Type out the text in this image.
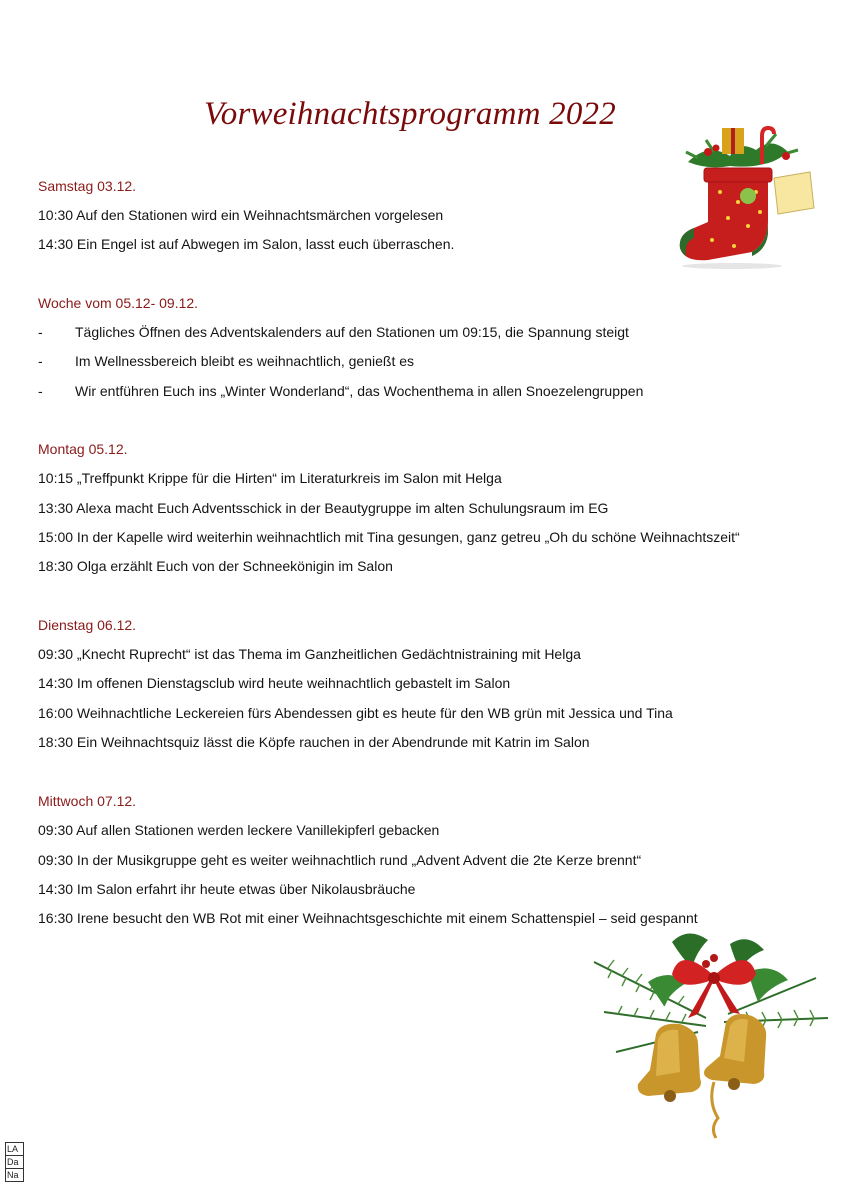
Vorweihnachtsprogramm 2022
Samstag 03.12.
10:30 Auf den Stationen wird ein Weihnachtsmärchen vorgelesen
14:30 Ein Engel ist auf Abwegen im Salon, lasst euch überraschen.
Woche vom 05.12- 09.12.
- Tägliches Öffnen des Adventskalenders auf den Stationen um 09:15, die Spannung steigt
- Im Wellnessbereich bleibt es weihnachtlich, genießt es
- Wir entführen Euch ins „Winter Wonderland“, das Wochenthema in allen Snoezelengruppen
Montag 05.12.
10:15 „Treffpunkt Krippe für die Hirten“ im Literaturkreis im Salon mit Helga
13:30 Alexa macht Euch Adventsschick in der Beautygruppe im alten Schulungsraum im EG
15:00 In der Kapelle wird weiterhin weihnachtlich mit Tina gesungen, ganz getreu „Oh du schöne Weihnachtszeit“
18:30 Olga erzählt Euch von der Schneekönigin im Salon
Dienstag 06.12.
09:30 „Knecht Ruprecht“ ist das Thema im Ganzheitlichen Gedächtnistraining mit Helga
14:30 Im offenen Dienstagsclub wird heute weihnachtlich gebastelt im Salon
16:00 Weihnachtliche Leckereien fürs Abendessen gibt es heute für den WB grün mit Jessica und Tina
18:30 Ein Weihnachtsquiz lässt die Köpfe rauchen in der Abendrunde mit Katrin im Salon
Mittwoch 07.12.
09:30 Auf allen Stationen werden leckere Vanillekipferl gebacken
09:30 In der Musikgruppe geht es weiter weihnachtlich rund „Advent Advent die 2te Kerze brennt“
14:30 Im Salon erfahrt ihr heute etwas über Nikolausbräuche
16:30 Irene besucht den WB Rot mit einer Weihnachtsgeschichte mit einem Schattenspiel – seid gespannt
LA
Da
Na
